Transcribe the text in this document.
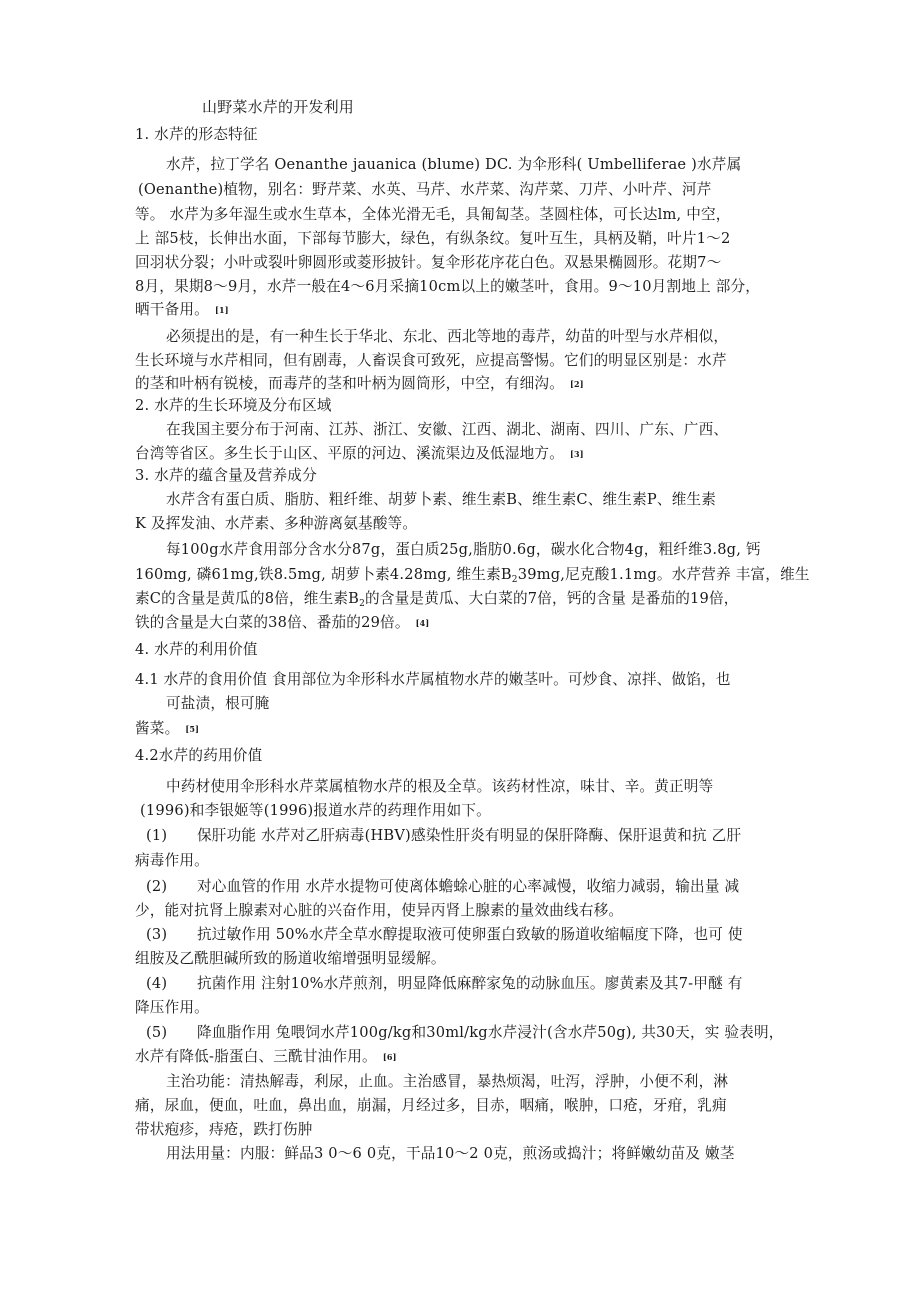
山野菜水芹的开发利用
1. 水芹的形态特征
水芹，拉丁学名 Oenanthe jauanica (blume) DC. 为伞形科( Umbelliferae )水芹属
(Oenanthe)植物，别名：野芹菜、水英、马芹、水芹菜、沟芹菜、刀芹、小叶芹、河芹
等。 水芹为多年湿生或水生草本，全体光滑无毛，具匍匐茎。茎圆柱体，可长达lm, 中空，
上 部5枝，长伸出水面，下部每节膨大，绿色，有纵条纹。复叶互生，具柄及鞘，叶片1〜2
回羽状分裂；小叶或裂叶卵圆形或菱形披针。复伞形花序花白色。双悬果椭圆形。花期7〜
8月，果期8〜9月，水芹一般在4〜6月采摘10cm以上的嫩茎叶，食用。9〜10月割地上 部分，
晒干备用。 [1]
必须提出的是，有一种生长于华北、东北、西北等地的毒芹，幼苗的叶型与水芹相似，
生长环境与水芹相同，但有剧毒，人畜误食可致死，应提高警惕。它们的明显区别是：水芹
的茎和叶柄有锐棱，而毒芹的茎和叶柄为圆筒形，中空，有细沟。 [2]
2. 水芹的生长环境及分布区域
在我国主要分布于河南、江苏、浙江、安徽、江西、湖北、湖南、四川、广东、广西、
台湾等省区。多生长于山区、平原的河边、溪流渠边及低湿地方。 [3]
3. 水芹的蕴含量及营养成分
水芹含有蛋白质、脂肪、粗纤维、胡萝卜素、维生素B、维生素C、维生素P、维生素
K 及挥发油、水芹素、多种游离氨基酸等。
每100g水芹食用部分含水分87g，蛋白质25g,脂肪0.6g，碳水化合物4g，粗纤维3.8g, 钙
160mg, 磷61mg,铁8.5mg, 胡萝卜素4.28mg, 维生素$B_239mg$,尼克酸1.1mg。水芹营养 丰富，维生
素C的含量是黄瓜的8倍，维生素$B_2$的含量是黄瓜、大白菜的7倍，钙的含量 是番茄的19倍，
铁的含量是大白菜的38倍、番茄的29倍。 [4]
4. 水芹的利用价值
4.1 水芹的食用价值 食用部位为伞形科水芹属植物水芹的嫩茎叶。可炒食、凉拌、做馅，也
可盐渍，根可腌
酱菜。 [5]
4.2水芹的药用价值
中药材使用伞形科水芹菜属植物水芹的根及全草。该药材性凉，味甘、辛。黄正明等
(1996)和李银姬等(1996)报道水芹的药理作用如下。
(1) 保肝功能 水芹对乙肝病毒(HBV)感染性肝炎有明显的保肝降酶、保肝退黄和抗 乙肝
病毒作用。
(2) 对心血管的作用 水芹水提物可使离体蟾蜍心脏的心率减慢，收缩力减弱，输出量 减
少，能对抗肾上腺素对心脏的兴奋作用，使异丙肾上腺素的量效曲线右移。
(3) 抗过敏作用 50%水芹全草水醇提取液可使卵蛋白致敏的肠道收缩幅度下降，也可 使
组胺及乙酰胆碱所致的肠道收缩增强明显缓解。
(4) 抗菌作用 注射10%水芹煎剂，明显降低麻醉家兔的动脉血压。廖黄素及其7-甲醚 有
降压作用。
(5) 降血脂作用 兔喂饲水芹100g/kg和30ml/kg水芹浸汁(含水芹50g), 共30天，实 验表明，
水芹有降低-脂蛋白、三酰甘油作用。 [6]
主治功能：清热解毒，利尿，止血。主治感冒，暴热烦渴，吐泻，浮肿，小便不利，淋
痛，尿血，便血，吐血，鼻出血，崩漏，月经过多，目赤，咽痛，喉肿，口疮，牙疳，乳痈
带状疱疹，痔疮，跌打伤肿
用法用量：内服：鲜品3 0〜6 0克，干品10〜2 0克，煎汤或捣汁；将鲜嫩幼苗及 嫩茎
